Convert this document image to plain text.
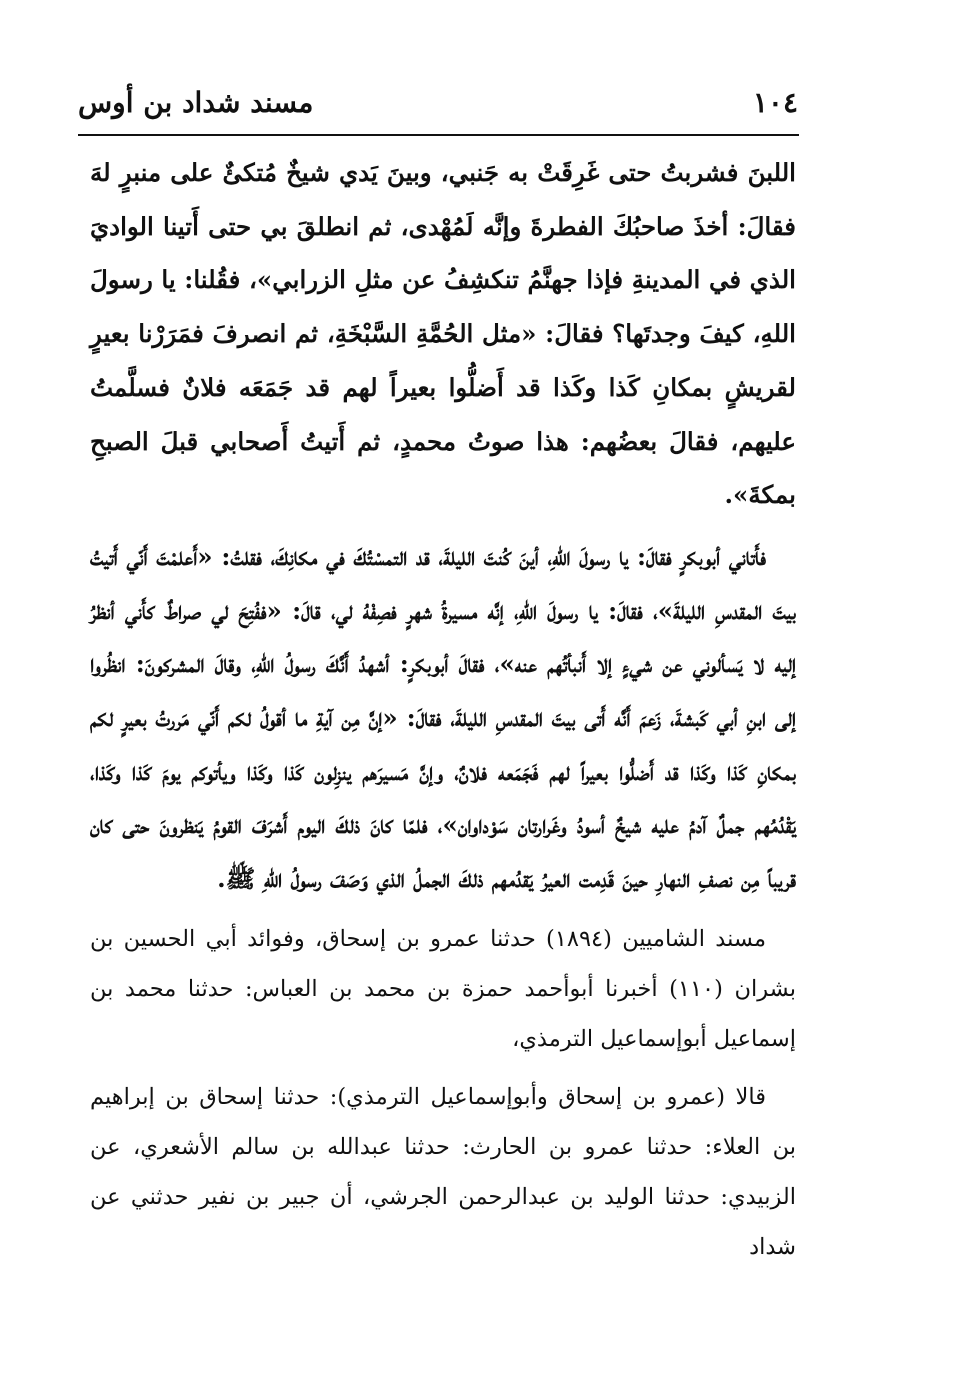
١٠٤
مسند شداد بن أوس

اللبنَ فشربتُ حتى غَرِقَتْ به جَنبي، وبينَ يَدي شيخٌ مُتكئٌ على منبرٍ لهَ فقالَ: أخذَ صاحبُكَ الفطرةَ وإنَّه لَمُهْدى، ثم انطلقَ بي حتى أَتينا الواديَ الذي في المدينةِ فإذا جهنَّمُ تنكشِفُ عن مثلِ الزرابي»، فقُلنا: يا رسولَ اللهِ، كيفَ وجدتَها؟ فقالَ: «مثل الحُمَّةِ السَّبْخَةِ، ثم انصرفَ فمَرَرْنا بعيرٍ لقريشٍ بمكانِ كَذا وكَذا قد أَضلُّوا بعيراً لهم قد جَمَعَه فلانٌ فسلَّمتُ عليهم، فقالَ بعضُهم: هذا صوتُ محمدٍ، ثم أَتيتُ أَصحابي قبلَ الصبحِ بمكةَ».

فأَتاني أبوبكرٍ فقالَ: يا رسولَ اللهِ، أينَ كُنتَ الليلةَ، قد التمسْتُكَ في مكانِكَ، فقلتُ: «أَعلمْتَ أَنّي أَتيتُ بيتَ المقدسِ الليلةَ»، فقالَ: يا رسولَ اللهِ، إنَّه مسيرةُ شهرٍ فصِفْهُ لي، قالَ: «ففُتِحَ لي صراطٌ كأَني أنظرُ إليه لا يَسألوني عن شيءٍ إلا أَنبأتُهم عنه»، فقالَ أبوبكرٍ: أشهدُ أَنَّكَ رسولُ اللهِ، وقالَ المشركونَ: انظُروا إلى ابنِ أبي كَبشةَ، زَعمَ أَنَّه أَتى بيتَ المقدسِ الليلةَ، فقالَ: «إنَّ مِن آيةِ ما أقولُ لكم أَنّي مَررتُ بعيرٍ لكم بمكانِ كَذا وكَذا قد أَضلُّوا بعيراً لهم فَجَمَعه فلانٌ، وإنَّ مَسيرَهم ينزِلون كَذا وكَذا ويأتوكم يومَ كَذا وكَذا، يَقْدُمُهم جملٌ آدمُ عليه شيخٌ أسودُ وغَرارتان سَوْداوان»، فلمّا كانَ ذلكَ اليوم أَشرَفَ القومُ يَنظرونَ حتى كان قريباً مِن نصفِ النهارِ حينَ قَدِمت العيرُ يَقدُمهم ذلكَ الجملُ الذي وَصَفَ رسولُ اللهِ ﷺ.

مسند الشاميين (١٨٩٤) حدثنا عمرو بن إسحاق، وفوائد أبي الحسين بن بشران (١١٠) أخبرنا أبوأحمد حمزة بن محمد بن العباس: حدثنا محمد بن إسماعيل أبوإسماعيل الترمذي،

قالا (عمرو بن إسحاق وأبوإسماعيل الترمذي): حدثنا إسحاق بن إبراهيم بن العلاء: حدثنا عمرو بن الحارث: حدثنا عبدالله بن سالم الأشعري، عن الزبيدي: حدثنا الوليد بن عبدالرحمن الجرشي، أن جبير بن نفير حدثني عن شداد
